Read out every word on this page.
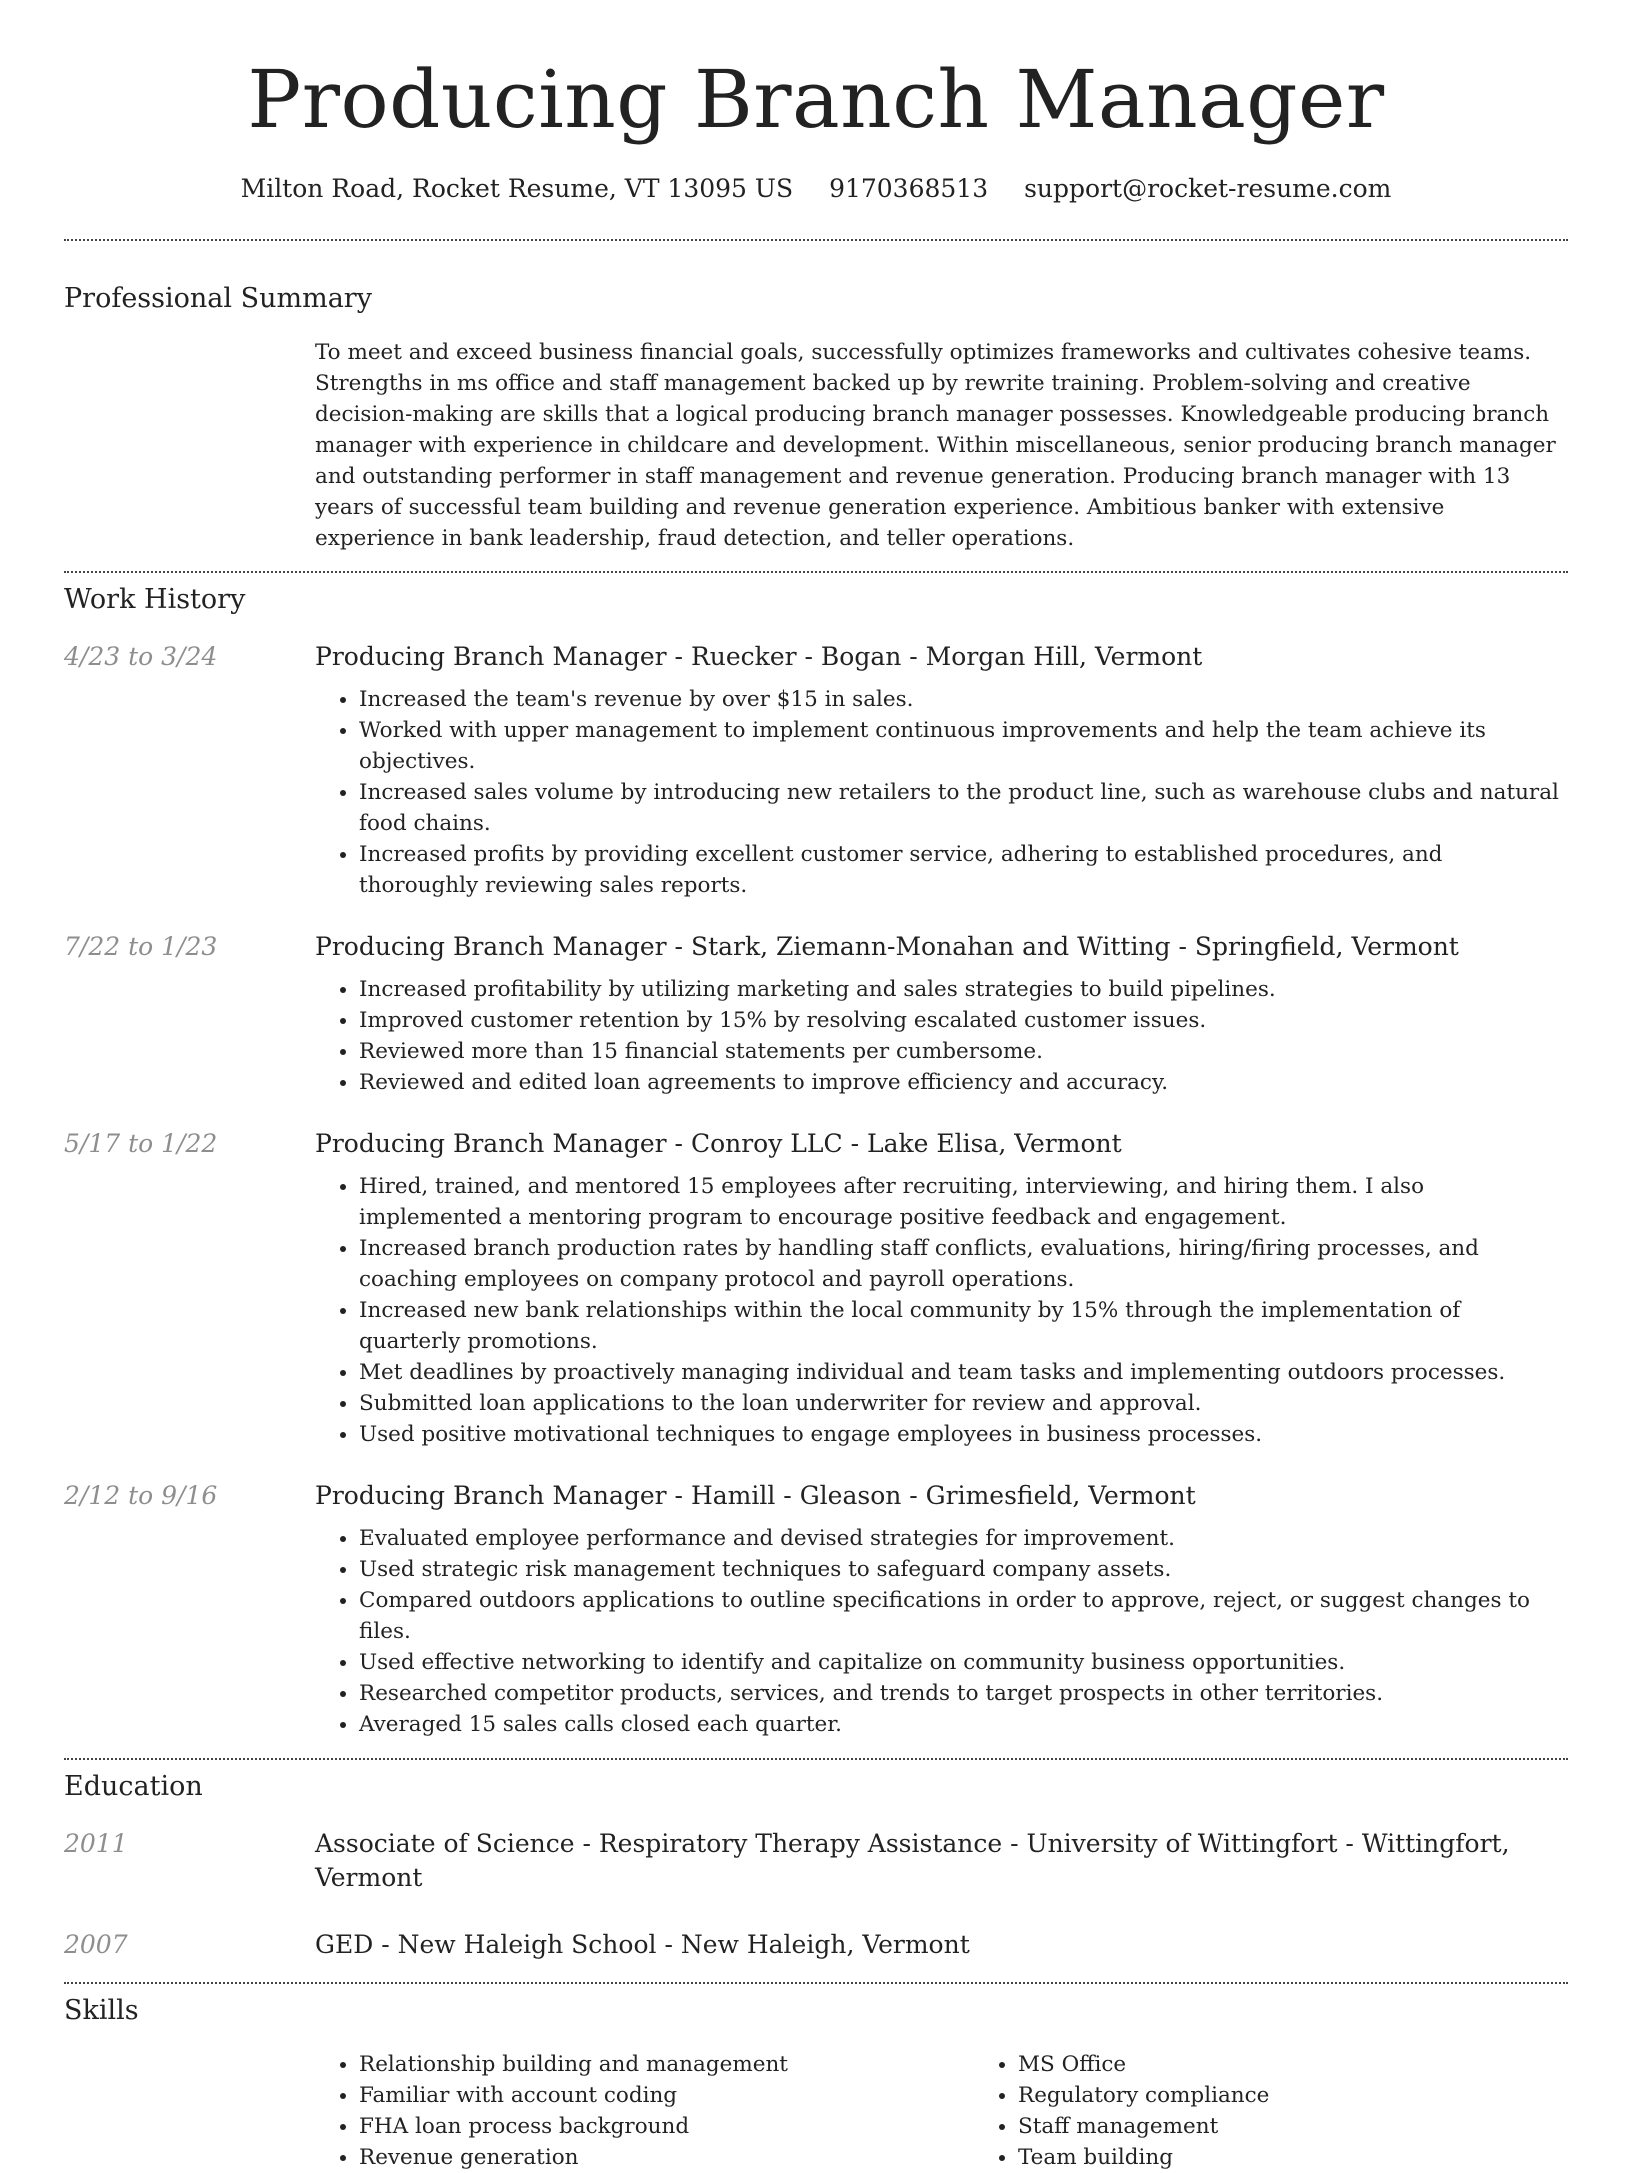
Producing Branch Manager
Milton Road, Rocket Resume, VT 13095 US 9170368513 support@rocket-resume.com
Professional Summary
To meet and exceed business financial goals, successfully optimizes frameworks and cultivates cohesive teams. Strengths in ms office and staff management backed up by rewrite training. Problem-solving and creative decision-making are skills that a logical producing branch manager possesses. Knowledgeable producing branch manager with experience in childcare and development. Within miscellaneous, senior producing branch manager and outstanding performer in staff management and revenue generation. Producing branch manager with 13 years of successful team building and revenue generation experience. Ambitious banker with extensive experience in bank leadership, fraud detection, and teller operations.
Work History
4/23 to 3/24	Producing Branch Manager - Ruecker - Bogan - Morgan Hill, Vermont
• Increased the team's revenue by over $15 in sales.
• Worked with upper management to implement continuous improvements and help the team achieve its objectives.
• Increased sales volume by introducing new retailers to the product line, such as warehouse clubs and natural food chains.
• Increased profits by providing excellent customer service, adhering to established procedures, and thoroughly reviewing sales reports.
7/22 to 1/23	Producing Branch Manager - Stark, Ziemann-Monahan and Witting - Springfield, Vermont
• Increased profitability by utilizing marketing and sales strategies to build pipelines.
• Improved customer retention by 15% by resolving escalated customer issues.
• Reviewed more than 15 financial statements per cumbersome.
• Reviewed and edited loan agreements to improve efficiency and accuracy.
5/17 to 1/22	Producing Branch Manager - Conroy LLC - Lake Elisa, Vermont
• Hired, trained, and mentored 15 employees after recruiting, interviewing, and hiring them. I also implemented a mentoring program to encourage positive feedback and engagement.
• Increased branch production rates by handling staff conflicts, evaluations, hiring/firing processes, and coaching employees on company protocol and payroll operations.
• Increased new bank relationships within the local community by 15% through the implementation of quarterly promotions.
• Met deadlines by proactively managing individual and team tasks and implementing outdoors processes.
• Submitted loan applications to the loan underwriter for review and approval.
• Used positive motivational techniques to engage employees in business processes.
2/12 to 9/16	Producing Branch Manager - Hamill - Gleason - Grimesfield, Vermont
• Evaluated employee performance and devised strategies for improvement.
• Used strategic risk management techniques to safeguard company assets.
• Compared outdoors applications to outline specifications in order to approve, reject, or suggest changes to files.
• Used effective networking to identify and capitalize on community business opportunities.
• Researched competitor products, services, and trends to target prospects in other territories.
• Averaged 15 sales calls closed each quarter.
Education
2011	Associate of Science - Respiratory Therapy Assistance - University of Wittingfort - Wittingfort, Vermont
2007	GED - New Haleigh School - New Haleigh, Vermont
Skills
• Relationship building and management
• Familiar with account coding
• FHA loan process background
• Revenue generation
• MS Office
• Regulatory compliance
• Staff management
• Team building
